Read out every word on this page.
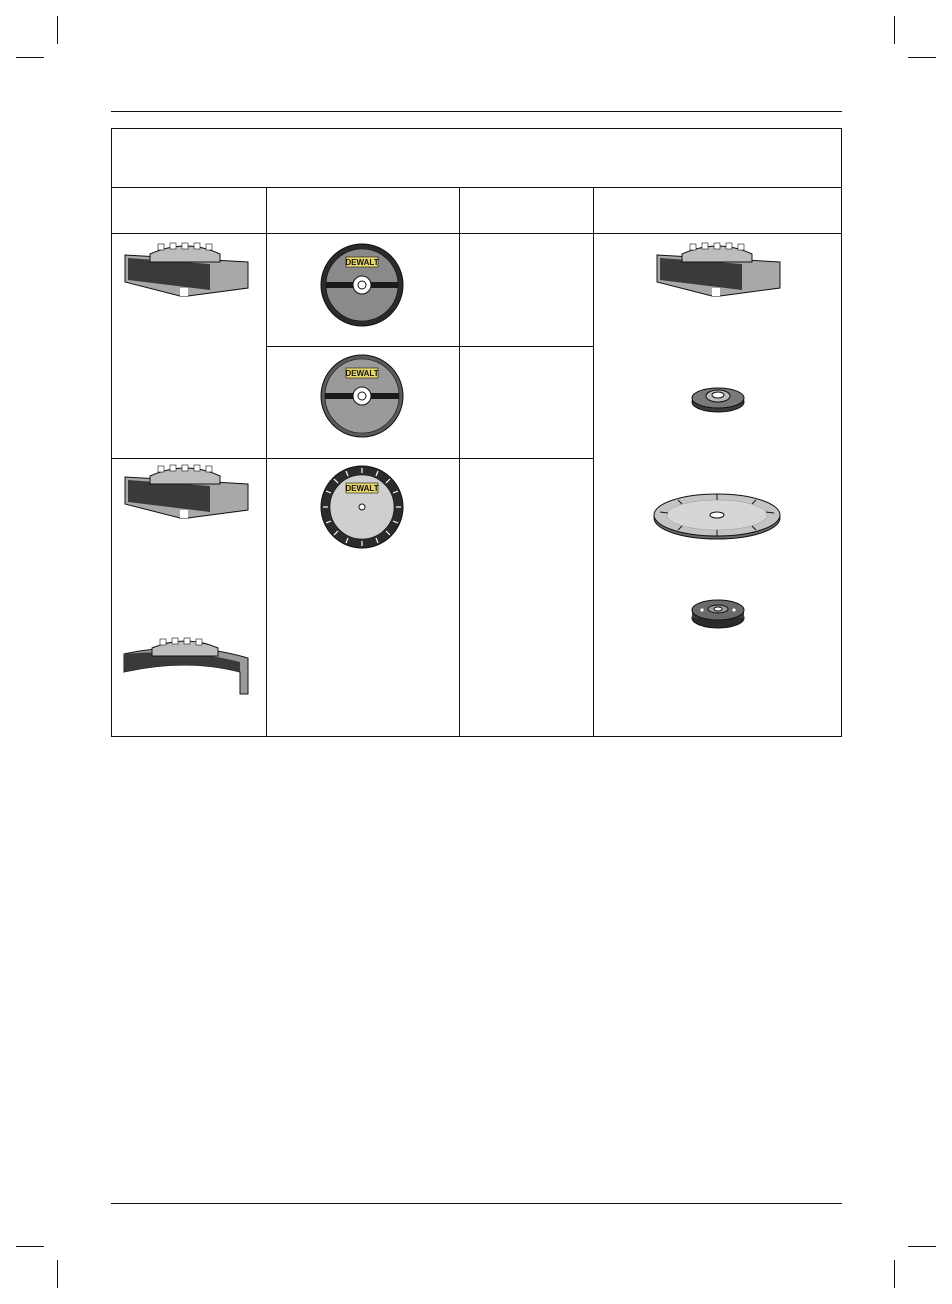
DEWALT
DEWALT
DEWALT
